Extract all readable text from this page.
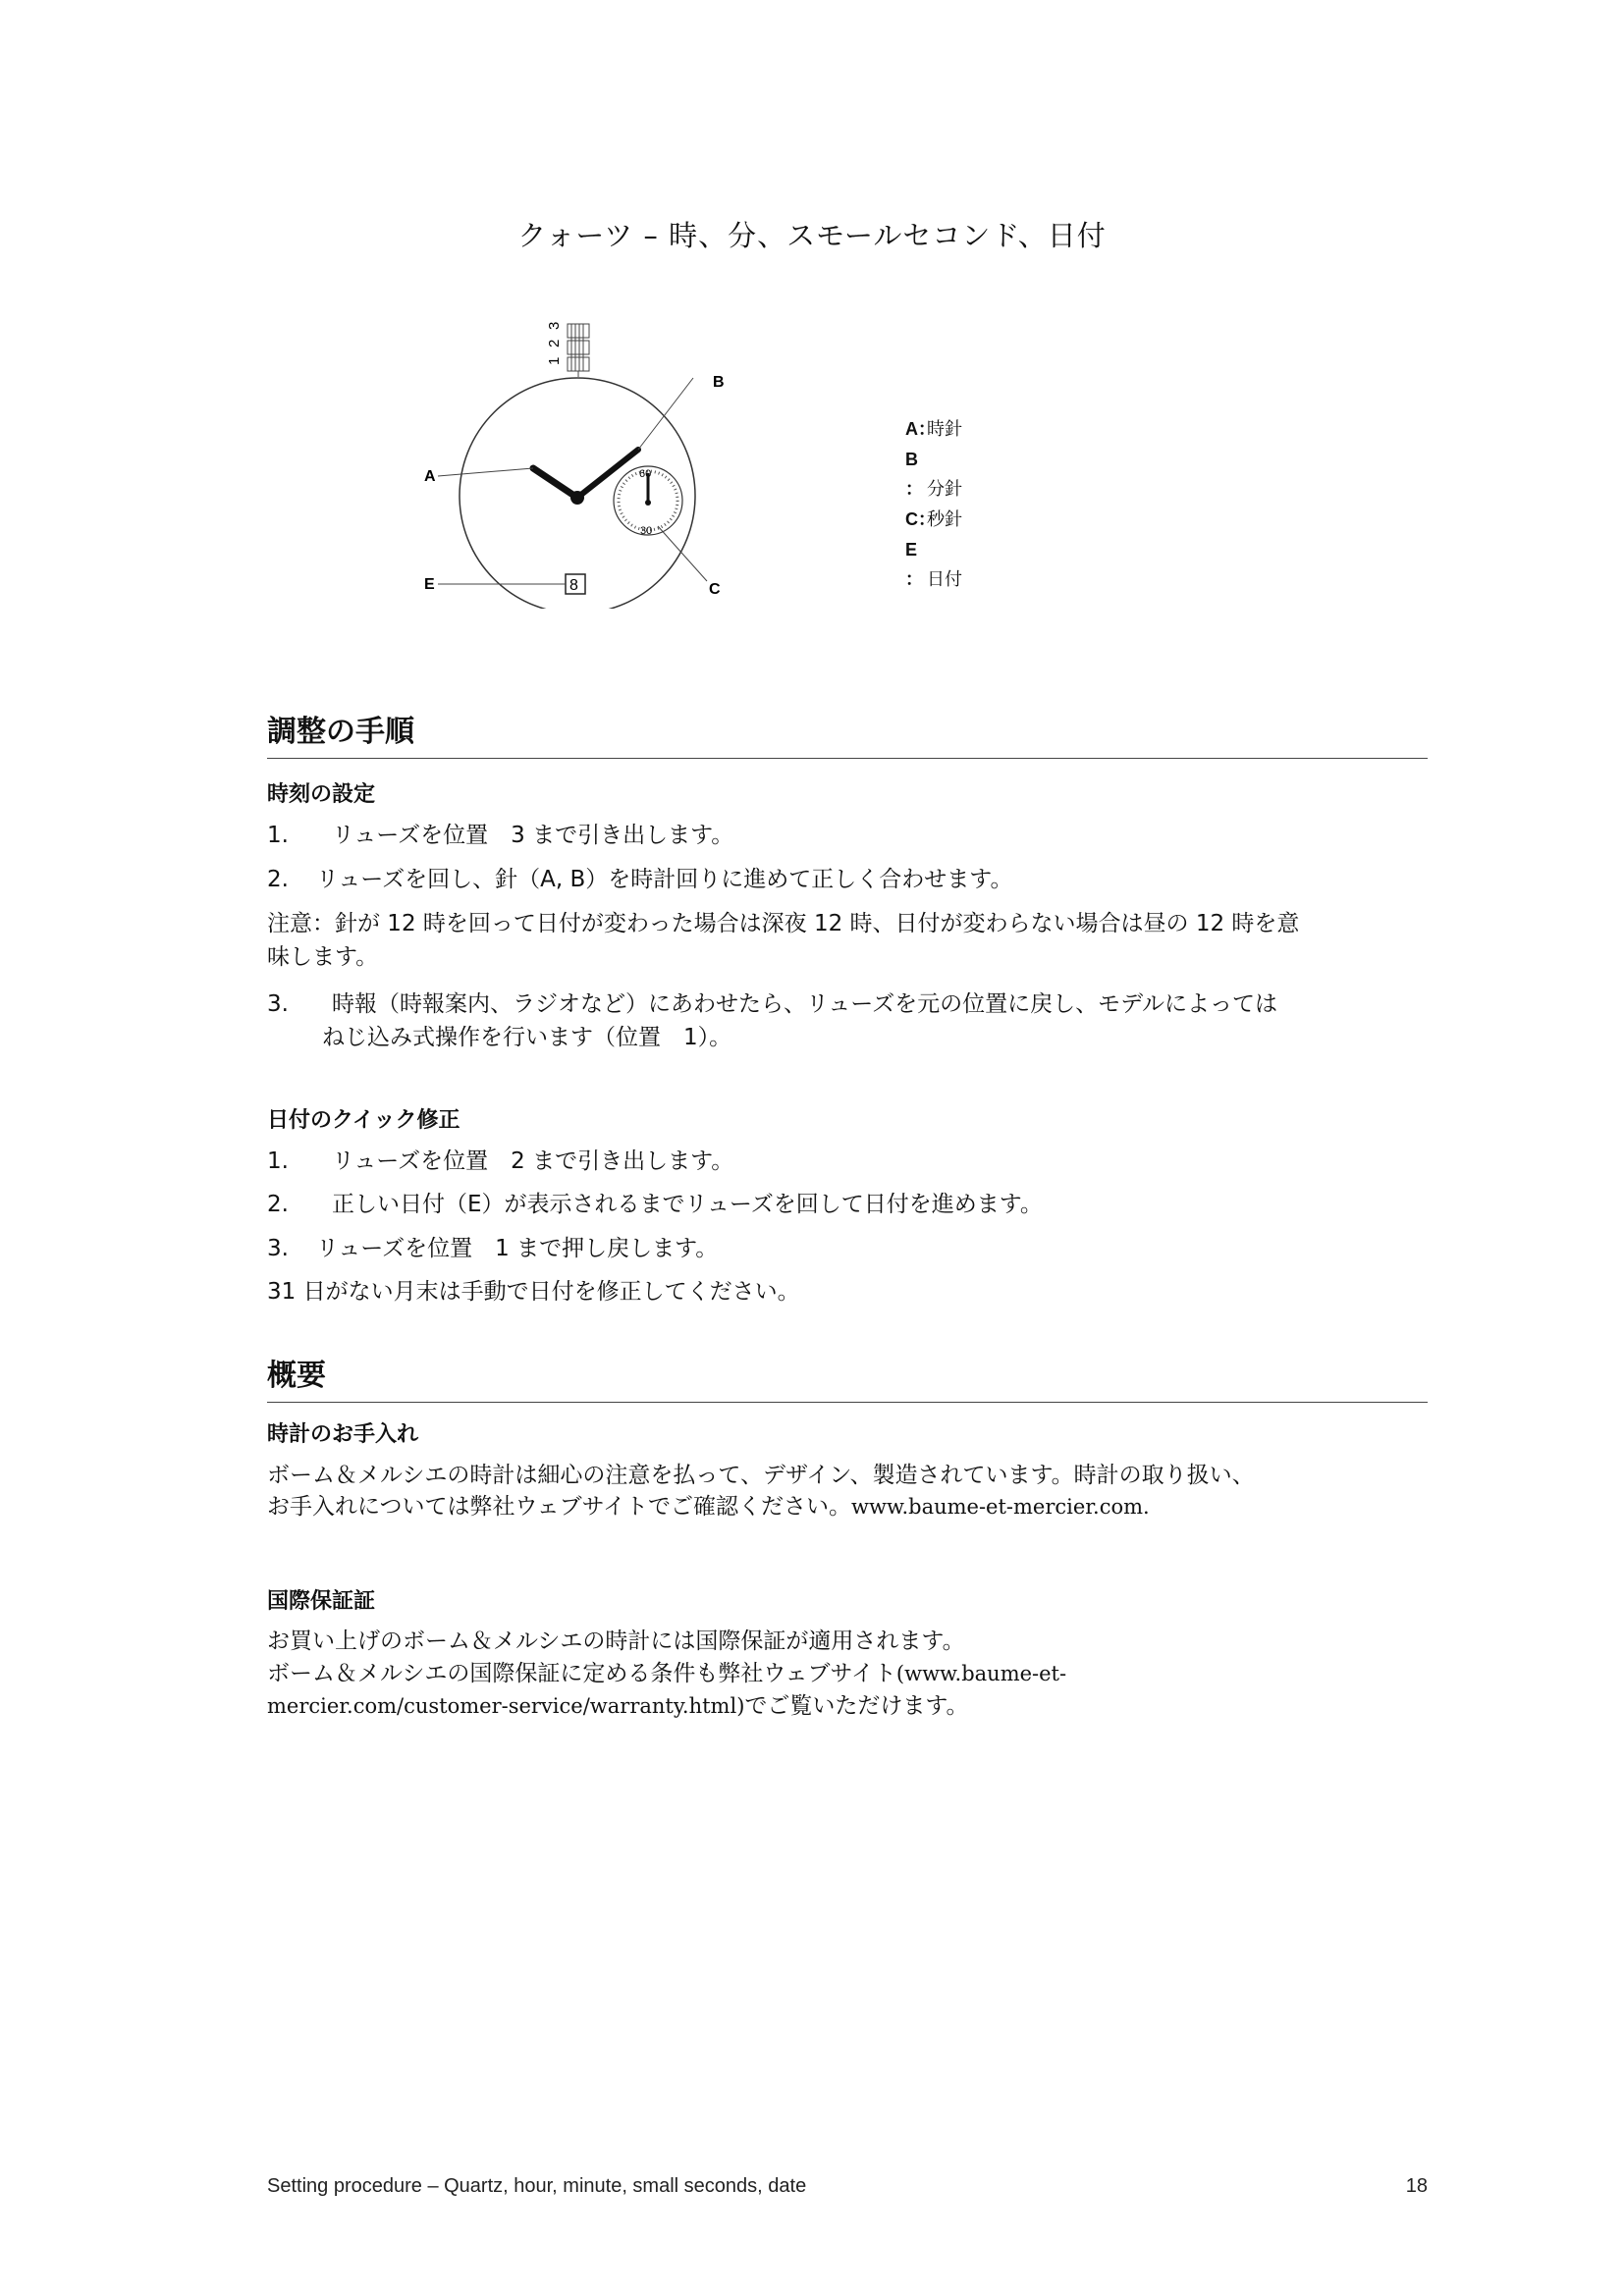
クォーツ – 時、分、スモールセコンド、日付
1
2
3
60
30
8
A
B
C
E
A：時針
B ： 分針
C：秒針
E ： 日付
調整の手順
時刻の設定
1. リューズを位置　3 まで引き出します。
2. リューズを回し、針（A, B）を時計回りに進めて正しく合わせます。
注意：針が 12 時を回って日付が変わった場合は深夜 12 時、日付が変わらない場合は昼の 12 時を意
味します。
3. 時報（時報案内、ラジオなど）にあわせたら、リューズを元の位置に戻し、モデルによっては
ねじ込み式操作を行います（位置　1）。
日付のクイック修正
1. リューズを位置　2 まで引き出します。
2. 正しい日付（E）が表示されるまでリューズを回して日付を進めます。
3. リューズを位置　1 まで押し戻します。
31 日がない月末は手動で日付を修正してください。
概要
時計のお手入れ
ボーム＆メルシエの時計は細心の注意を払って、デザイン、製造されています。時計の取り扱い、
お手入れについては弊社ウェブサイトでご確認ください。www.baume-et-mercier.com.
国際保証証
お買い上げのボーム＆メルシエの時計には国際保証が適用されます。
ボーム＆メルシエの国際保証に定める条件も弊社ウェブサイト(www.baume-et-
mercier.com/customer-service/warranty.html)でご覧いただけます。
Setting procedure – Quartz, hour, minute, small seconds, date	18
